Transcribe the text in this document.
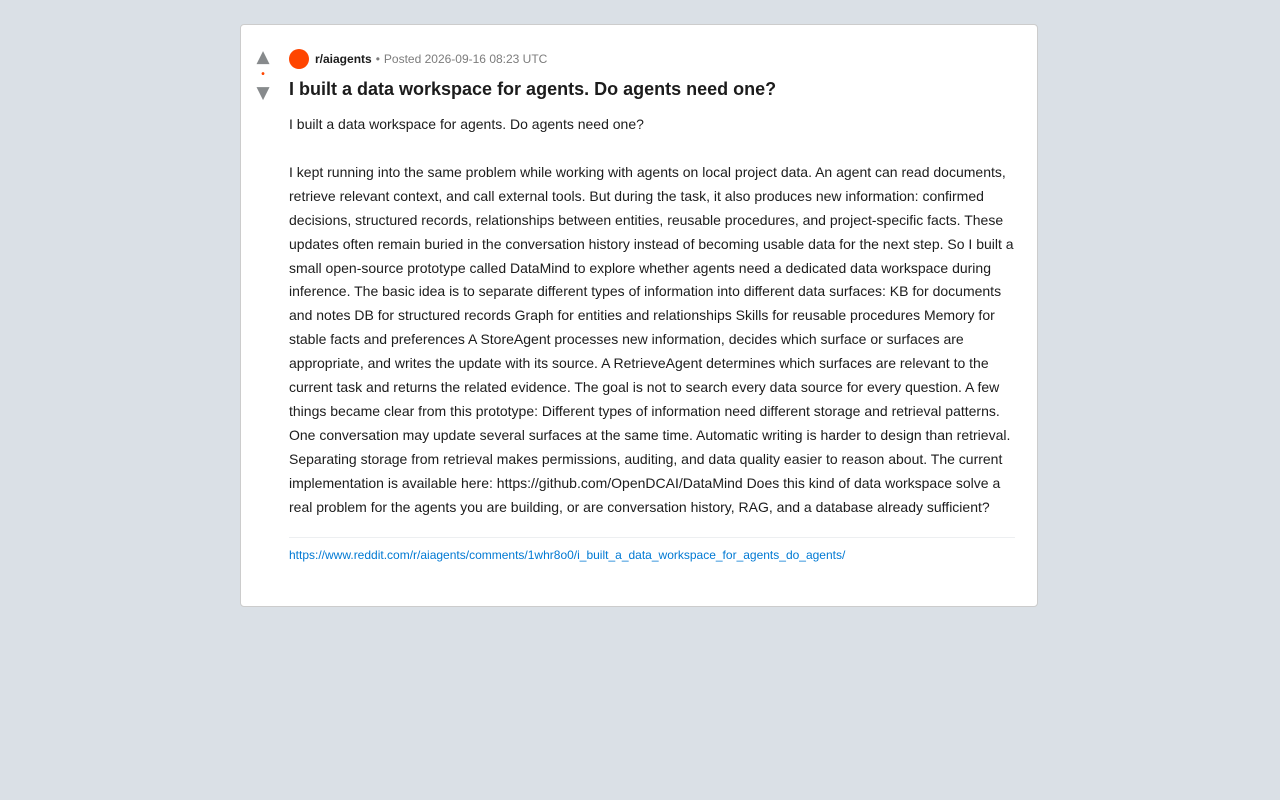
▲
•
▼
r/aiagents • Posted 2026-09-16 08:23 UTC
I built a data workspace for agents. Do agents need one?

I built a data workspace for agents. Do agents need one?

I kept running into the same problem while working with agents on local project data. An agent can read documents, retrieve relevant context, and call external tools. But during the task, it also produces new information: confirmed decisions, structured records, relationships between entities, reusable procedures, and project-specific facts. These updates often remain buried in the conversation history instead of becoming usable data for the next step. So I built a small open-source prototype called DataMind to explore whether agents need a dedicated data workspace during inference. The basic idea is to separate different types of information into different data surfaces: KB for documents and notes DB for structured records Graph for entities and relationships Skills for reusable procedures Memory for stable facts and preferences A StoreAgent processes new information, decides which surface or surfaces are appropriate, and writes the update with its source. A RetrieveAgent determines which surfaces are relevant to the current task and returns the related evidence. The goal is not to search every data source for every question. A few things became clear from this prototype: Different types of information need different storage and retrieval patterns. One conversation may update several surfaces at the same time. Automatic writing is harder to design than retrieval. Separating storage from retrieval makes permissions, auditing, and data quality easier to reason about. The current implementation is available here: https://github.com/OpenDCAI/DataMind Does this kind of data workspace solve a real problem for the agents you are building, or are conversation history, RAG, and a database already sufficient?

https://www.reddit.com/r/aiagents/comments/1whr8o0/i_built_a_data_workspace_for_agents_do_agents/
